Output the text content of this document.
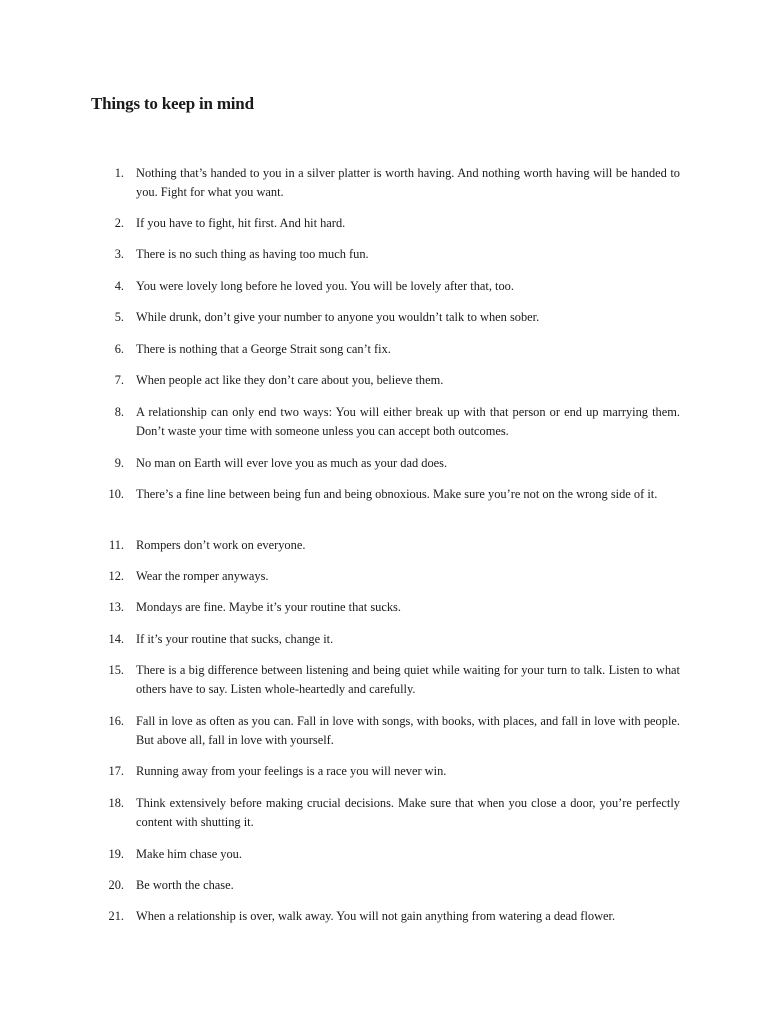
Things to keep in mind
1. Nothing that’s handed to you in a silver platter is worth having. And nothing worth having will be handed to you. Fight for what you want.
2. If you have to fight, hit first. And hit hard.
3. There is no such thing as having too much fun.
4. You were lovely long before he loved you. You will be lovely after that, too.
5. While drunk, don’t give your number to anyone you wouldn’t talk to when sober.
6. There is nothing that a George Strait song can’t fix.
7. When people act like they don’t care about you, believe them.
8. A relationship can only end two ways: You will either break up with that person or end up marrying them. Don’t waste your time with someone unless you can accept both outcomes.
9. No man on Earth will ever love you as much as your dad does.
10. There’s a fine line between being fun and being obnoxious. Make sure you’re not on the wrong side of it.
11. Rompers don’t work on everyone.
12. Wear the romper anyways.
13. Mondays are fine. Maybe it’s your routine that sucks.
14. If it’s your routine that sucks, change it.
15. There is a big difference between listening and being quiet while waiting for your turn to talk. Listen to what others have to say. Listen whole-heartedly and carefully.
16. Fall in love as often as you can. Fall in love with songs, with books, with places, and fall in love with people. But above all, fall in love with yourself.
17. Running away from your feelings is a race you will never win.
18. Think extensively before making crucial decisions. Make sure that when you close a door, you’re perfectly content with shutting it.
19. Make him chase you.
20. Be worth the chase.
21. When a relationship is over, walk away. You will not gain anything from watering a dead flower.
